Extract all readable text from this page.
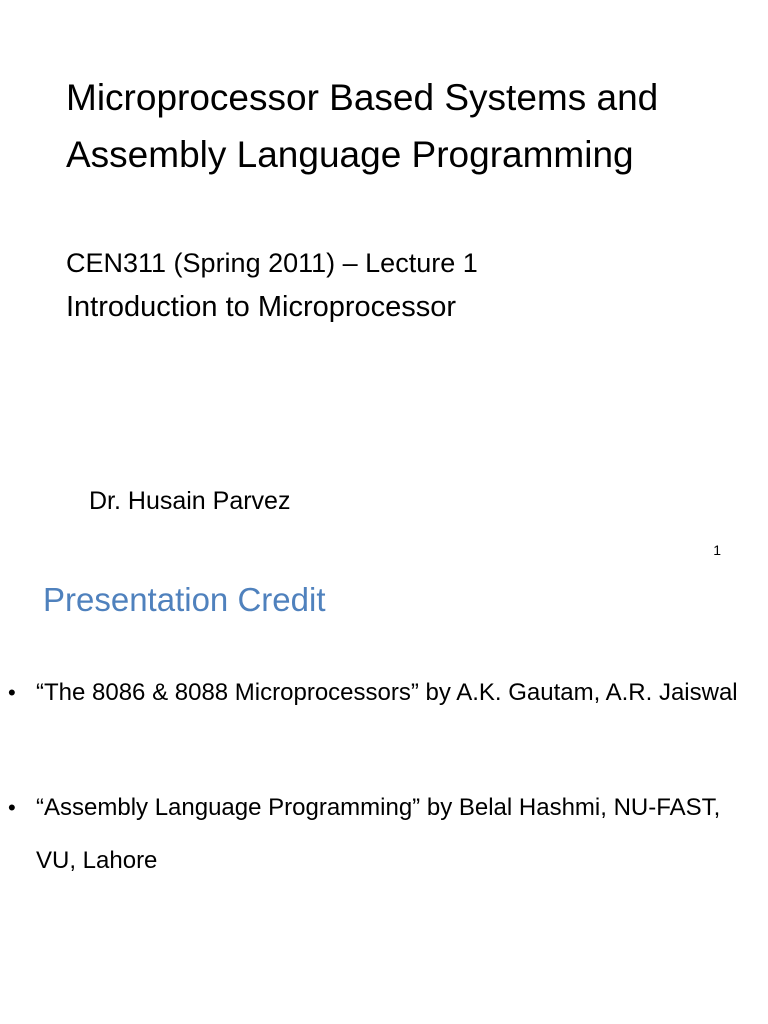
Microprocessor Based Systems and
Assembly Language Programming
CEN311 (Spring 2011) – Lecture 1
Introduction to Microprocessor
Dr. Husain Parvez
1
Presentation Credit
• “The 8086 & 8088 Microprocessors” by A.K. Gautam, A.R. Jaiswal
• “Assembly Language Programming” by Belal Hashmi, NU-FAST, VU, Lahore
